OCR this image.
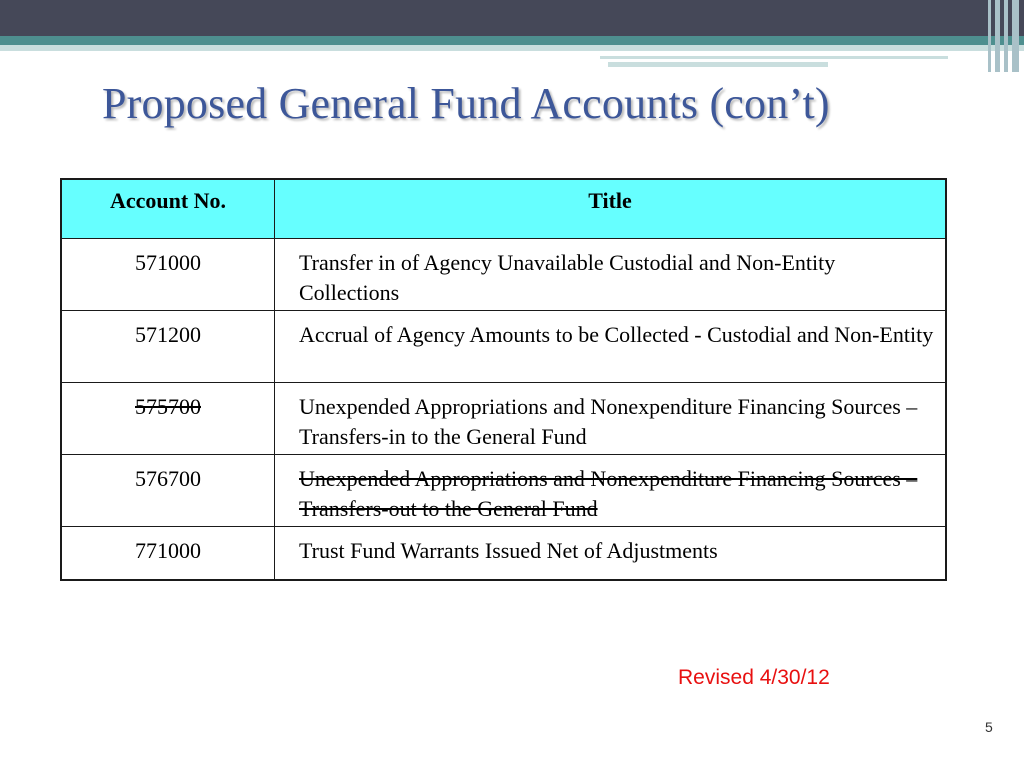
Proposed General Fund Accounts (con’t)
Account No.	Title
571000	Transfer in of Agency Unavailable Custodial and Non-Entity Collections
571200	Accrual of Agency Amounts to be Collected - Custodial and Non-Entity
575700	Unexpended Appropriations and Nonexpenditure Financing Sources – Transfers-in to the General Fund
576700	Unexpended Appropriations and Nonexpenditure Financing Sources – Transfers-out to the General Fund
771000	Trust Fund Warrants Issued Net of Adjustments
Revised 4/30/12
5
